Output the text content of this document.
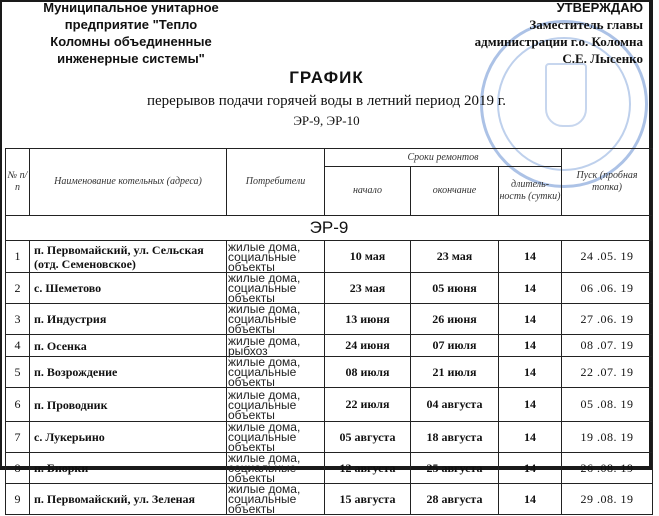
Муниципальное унитарное
предприятие "Тепло
Коломны объединенные
инженерные системы"
УТВЕРЖДАЮ
Заместитель главы
администрации г.о. Коломна
С.Е. Лысенко
ГРАФИК
перерывов подачи горячей воды в летний период 2019 г.
ЭР-9, ЭР-10
№ п/п	Наименование котельных (адреса)	Потребители	Сроки ремонтов			Пуск (пробная топка)
			начало	окончание	длитель-ность (сутки)	
ЭР-9						
1	п. Первомайский, ул. Сельская (отд. Семеновское)	жилые дома, социальные объекты	10 мая	23 мая	14	24 .05. 19
2	с. Шеметово	жилые дома, социальные объекты	23 мая	05 июня	14	06 .06. 19
3	п. Индустрия	жилые дома, социальные объекты	13 июня	26 июня	14	27 .06. 19
4	п. Осенка	жилые дома, рыбхоз	24 июня	07 июля	14	08 .07. 19
5	п. Возрождение	жилые дома, социальные объекты	08 июля	21 июля	14	22 .07. 19
6	п. Проводник	жилые дома, социальные объекты	22 июля	04 августа	14	05 .08. 19
7	с. Лукерьино	жилые дома, социальные объекты	05 августа	18 августа	14	19 .08. 19
8	п. Биорки	жилые дома, социальные объекты	12 августа	25 августа	14	26 .08. 19
9	п. Первомайский, ул. Зеленая	жилые дома, социальные объекты	15 августа	28 августа	14	29 .08. 19
